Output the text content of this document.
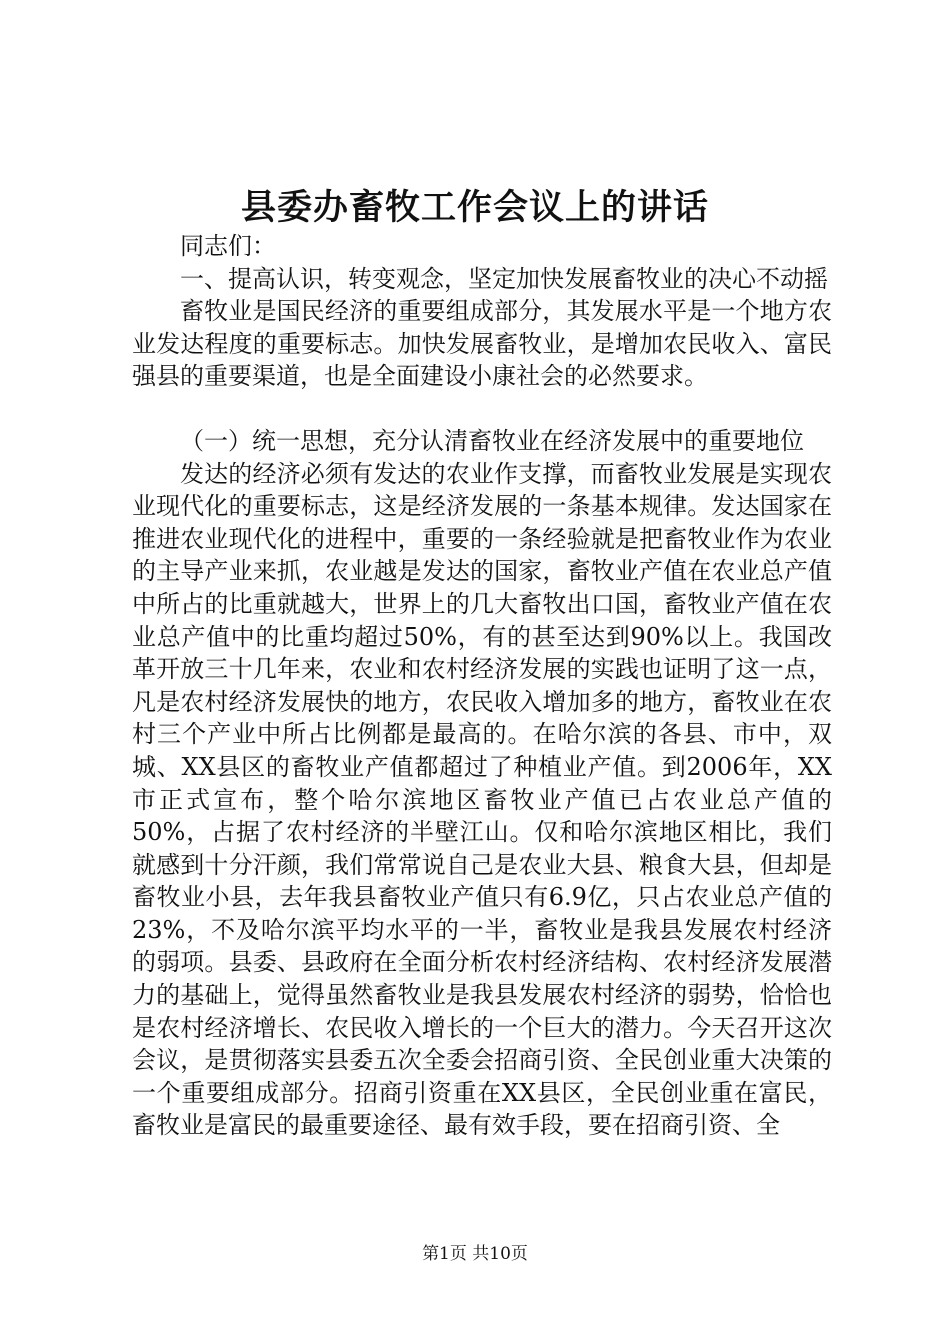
县委办畜牧工作会议上的讲话

同志们：

一、提高认识，转变观念，坚定加快发展畜牧业的决心不动摇

畜牧业是国民经济的重要组成部分，其发展水平是一个地方农业发达程度的重要标志。加快发展畜牧业，是增加农民收入、富民强县的重要渠道，也是全面建设小康社会的必然要求。

（一）统一思想，充分认清畜牧业在经济发展中的重要地位

发达的经济必须有发达的农业作支撑，而畜牧业发展是实现农业现代化的重要标志，这是经济发展的一条基本规律。发达国家在推进农业现代化的进程中，重要的一条经验就是把畜牧业作为农业的主导产业来抓，农业越是发达的国家，畜牧业产值在农业总产值中所占的比重就越大，世界上的几大畜牧出口国，畜牧业产值在农业总产值中的比重均超过50%，有的甚至达到90%以上。我国改革开放三十几年来，农业和农村经济发展的实践也证明了这一点，凡是农村经济发展快的地方，农民收入增加多的地方，畜牧业在农村三个产业中所占比例都是最高的。在哈尔滨的各县、市中，双城、XX县区的畜牧业产值都超过了种植业产值。到2006年，XX市正式宣布，整个哈尔滨地区畜牧业产值已占农业总产值的50%，占据了农村经济的半壁江山。仅和哈尔滨地区相比，我们就感到十分汗颜，我们常常说自己是农业大县、粮食大县，但却是畜牧业小县，去年我县畜牧业产值只有6.9亿，只占农业总产值的23%，不及哈尔滨平均水平的一半，畜牧业是我县发展农村经济的弱项。县委、县政府在全面分析农村经济结构、农村经济发展潜力的基础上，觉得虽然畜牧业是我县发展农村经济的弱势，恰恰也是农村经济增长、农民收入增长的一个巨大的潜力。今天召开这次会议，是贯彻落实县委五次全委会招商引资、全民创业重大决策的一个重要组成部分。招商引资重在XX县区，全民创业重在富民，畜牧业是富民的最重要途径、最有效手段，要在招商引资、全

第1页 共10页
